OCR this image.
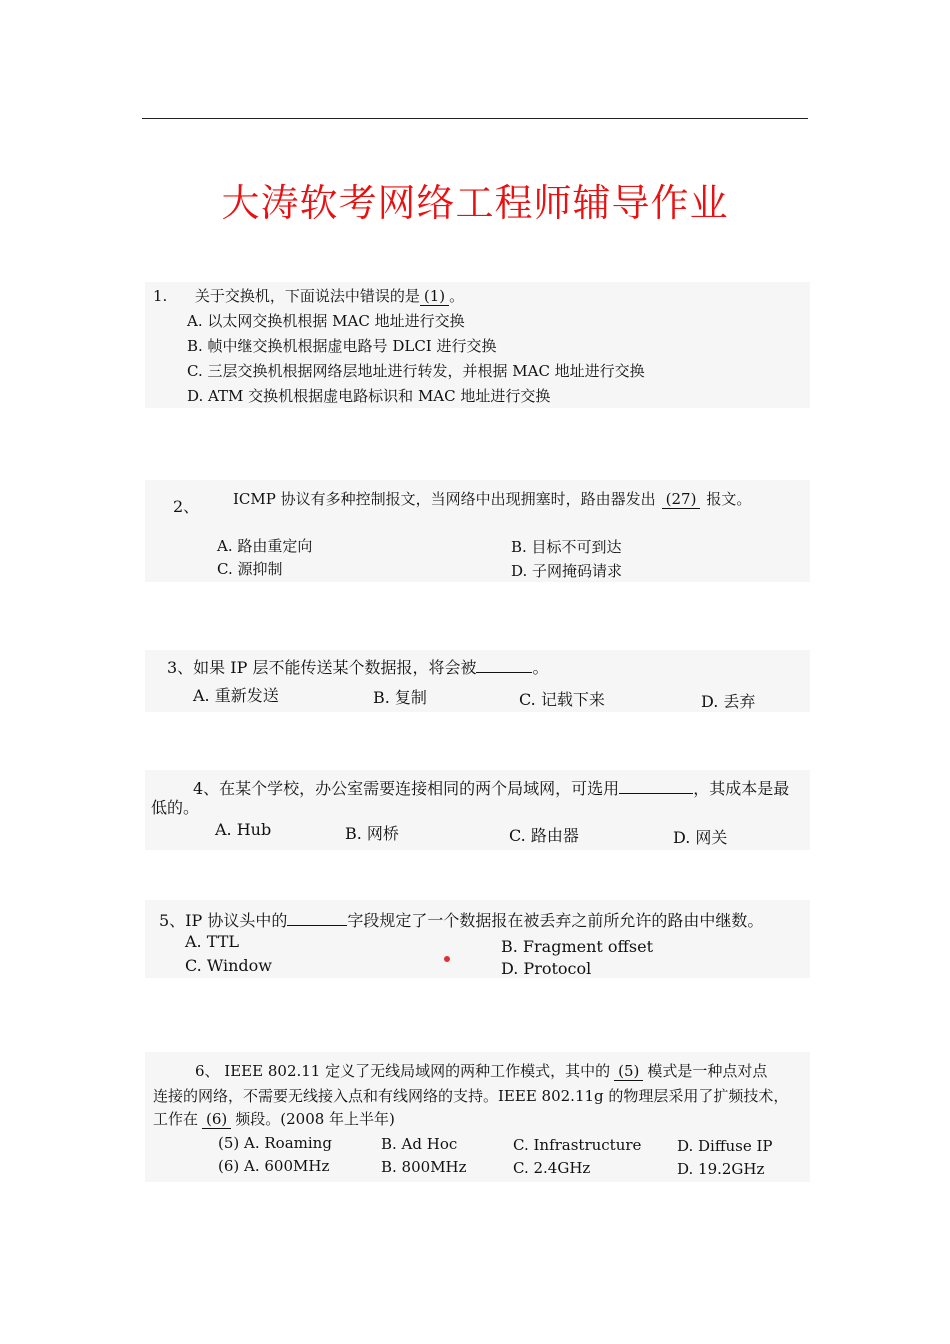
大涛软考网络工程师辅导作业
1. 关于交换机，下面说法中错误的是 (1) 。
A. 以太网交换机根据 MAC 地址进行交换
B. 帧中继交换机根据虚电路号 DLCI 进行交换
C. 三层交换机根据网络层地址进行转发，并根据 MAC 地址进行交换
D. ATM 交换机根据虚电路标识和 MAC 地址进行交换
2、 ICMP 协议有多种控制报文，当网络中出现拥塞时，路由器发出 (27) 报文。
A. 路由重定向	B. 目标不可到达
C. 源抑制	D. 子网掩码请求
3、如果 IP 层不能传送某个数据报，将会被	。
A. 重新发送	B. 复制	C. 记载下来	D. 丢弃
4、在某个学校，办公室需要连接相同的两个局域网，可选用	，其成本是最
低的。
A. Hub	B. 网桥	C. 路由器	D. 网关
5、IP 协议头中的	字段规定了一个数据报在被丢弃之前所允许的路由中继数。
A. TTL	B. Fragment offset
C. Window	D. Protocol
6、 IEEE 802.11 定义了无线局域网的两种工作模式，其中的 (5) 模式是一种点对点
连接的网络，不需要无线接入点和有线网络的支持。IEEE 802.11g 的物理层采用了扩频技术，
工作在 (6) 频段。(2008 年上半年)
(5) A. Roaming	B. Ad Hoc	C. Infrastructure D. Diffuse IP
(6) A. 600MHz	B. 800MHz	C. 2.4GHz	D. 19.2GHz
